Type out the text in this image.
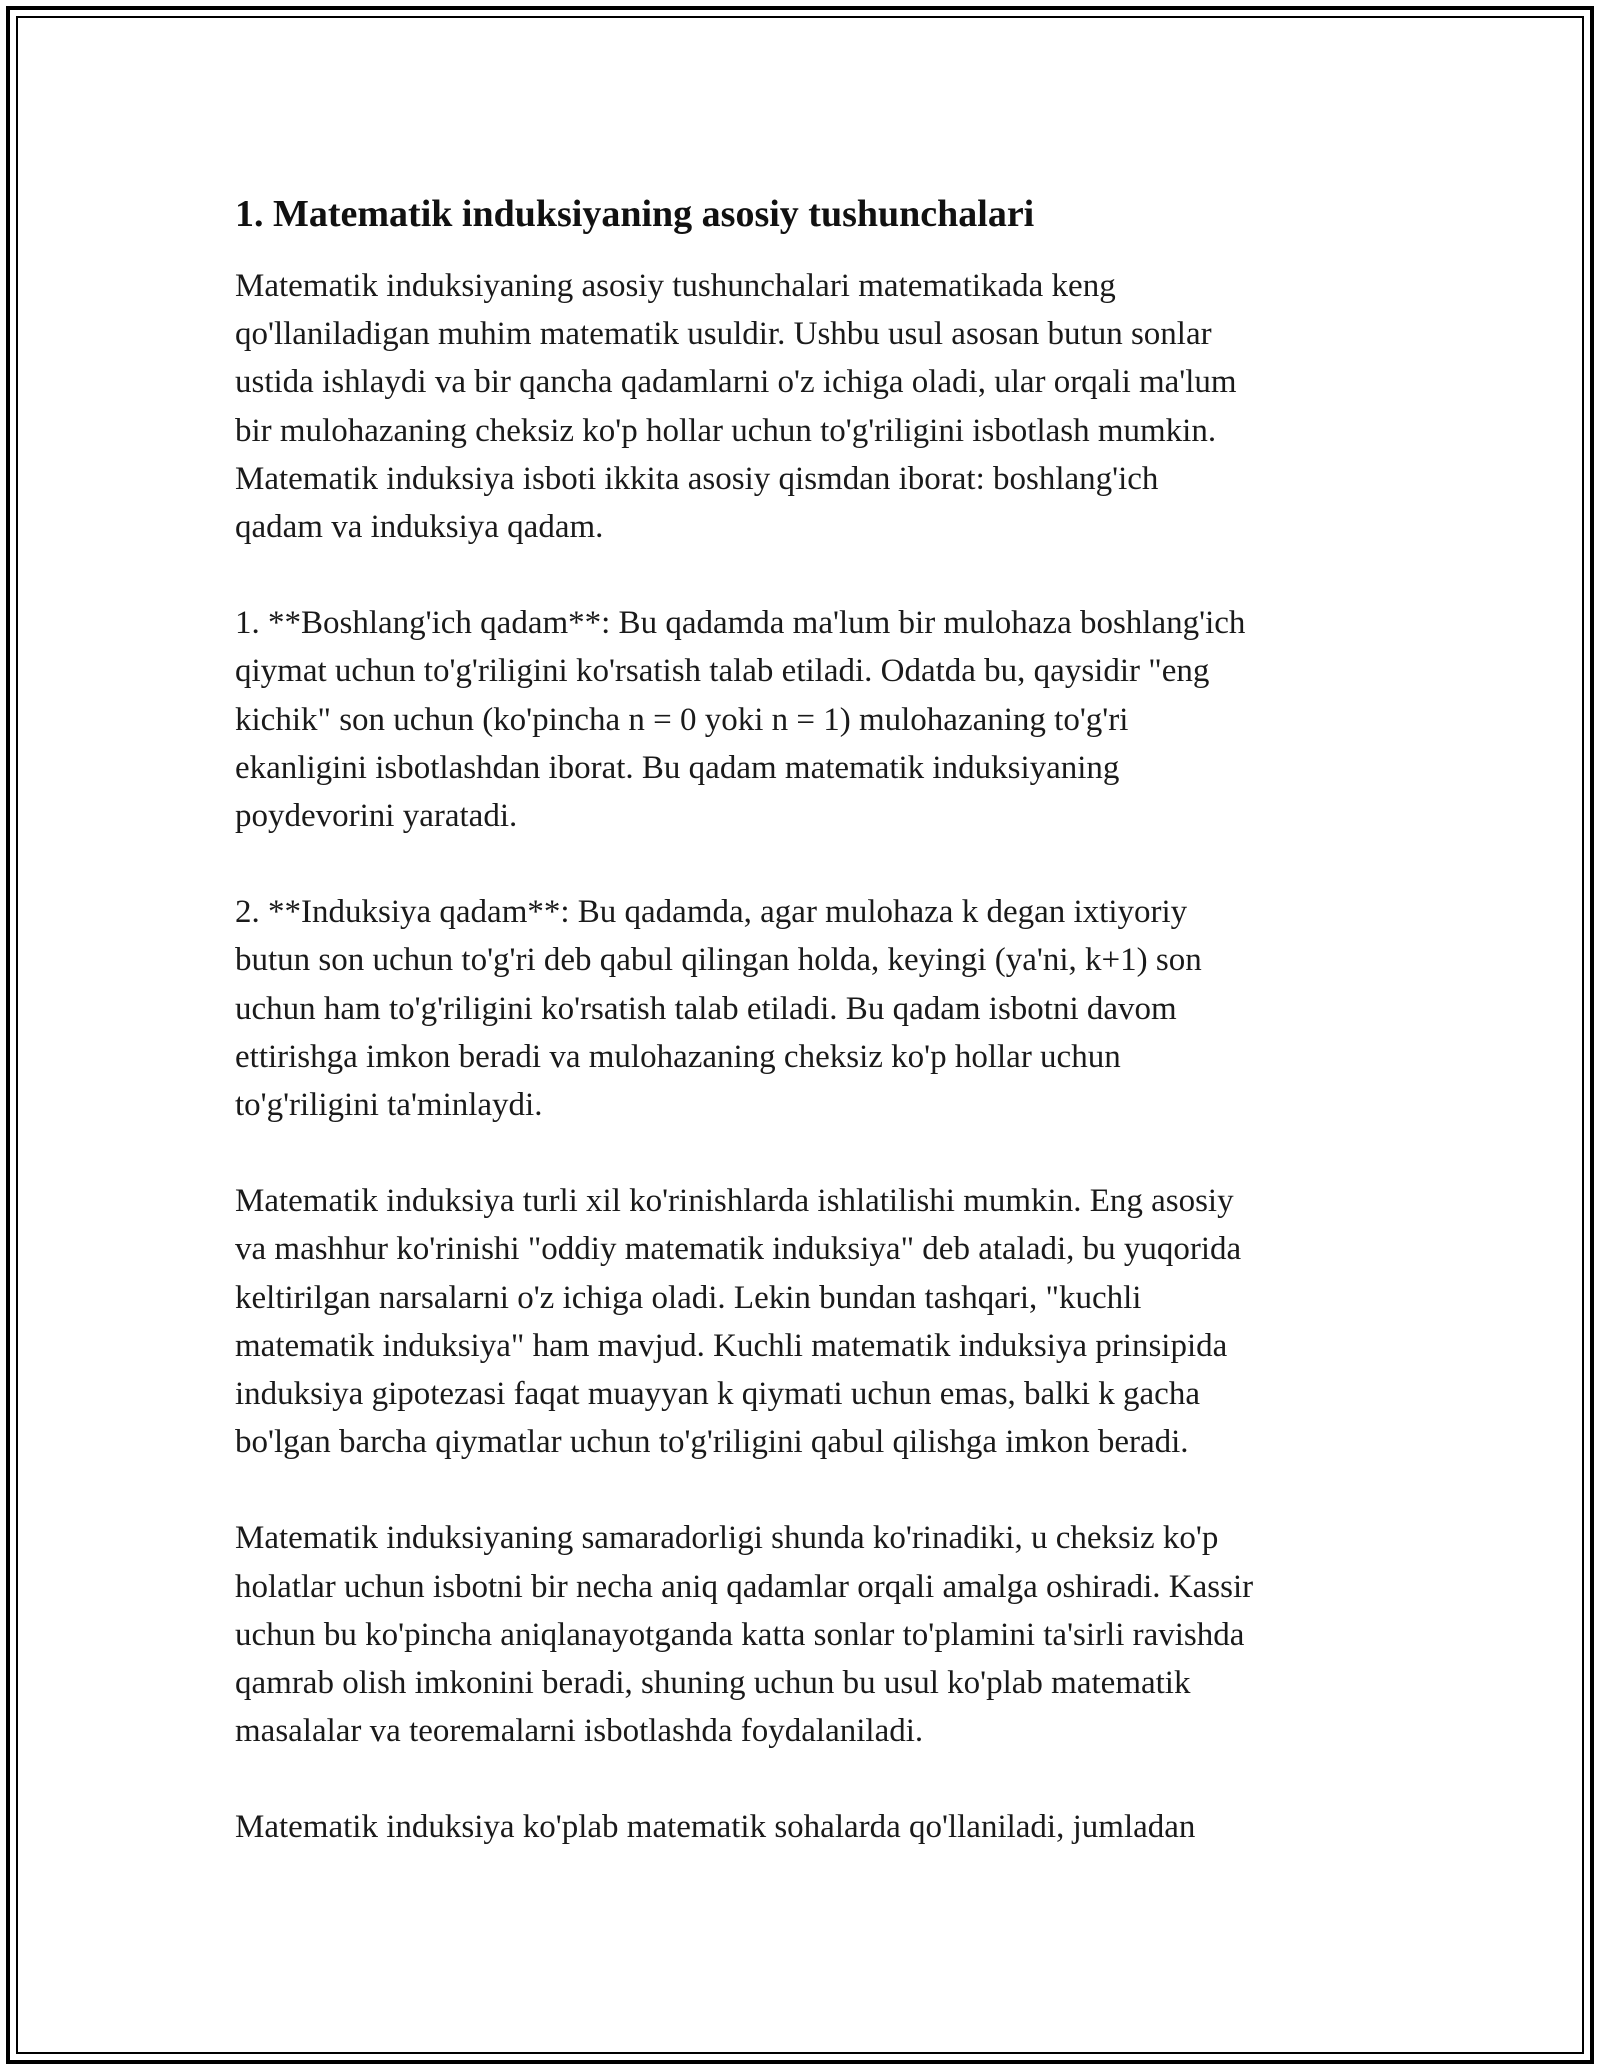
1. Matematik induksiyaning asosiy tushunchalari

Matematik induksiyaning asosiy tushunchalari matematikada keng
qo'llaniladigan muhim matematik usuldir. Ushbu usul asosan butun sonlar
ustida ishlaydi va bir qancha qadamlarni o'z ichiga oladi, ular orqali ma'lum
bir mulohazaning cheksiz ko'p hollar uchun to'g'riligini isbotlash mumkin.
Matematik induksiya isboti ikkita asosiy qismdan iborat: boshlang'ich
qadam va induksiya qadam.

1. **Boshlang'ich qadam**: Bu qadamda ma'lum bir mulohaza boshlang'ich
qiymat uchun to'g'riligini ko'rsatish talab etiladi. Odatda bu, qaysidir "eng
kichik" son uchun (ko'pincha n = 0 yoki n = 1) mulohazaning to'g'ri
ekanligini isbotlashdan iborat. Bu qadam matematik induksiyaning
poydevorini yaratadi.

2. **Induksiya qadam**: Bu qadamda, agar mulohaza k degan ixtiyoriy
butun son uchun to'g'ri deb qabul qilingan holda, keyingi (ya'ni, k+1) son
uchun ham to'g'riligini ko'rsatish talab etiladi. Bu qadam isbotni davom
ettirishga imkon beradi va mulohazaning cheksiz ko'p hollar uchun
to'g'riligini ta'minlaydi.

Matematik induksiya turli xil ko'rinishlarda ishlatilishi mumkin. Eng asosiy
va mashhur ko'rinishi "oddiy matematik induksiya" deb ataladi, bu yuqorida
keltirilgan narsalarni o'z ichiga oladi. Lekin bundan tashqari, "kuchli
matematik induksiya" ham mavjud. Kuchli matematik induksiya prinsipida
induksiya gipotezasi faqat muayyan k qiymati uchun emas, balki k gacha
bo'lgan barcha qiymatlar uchun to'g'riligini qabul qilishga imkon beradi.

Matematik induksiyaning samaradorligi shunda ko'rinadiki, u cheksiz ko'p
holatlar uchun isbotni bir necha aniq qadamlar orqali amalga oshiradi. Kassir
uchun bu ko'pincha aniqlanayotganda katta sonlar to'plamini ta'sirli ravishda
qamrab olish imkonini beradi, shuning uchun bu usul ko'plab matematik
masalalar va teoremalarni isbotlashda foydalaniladi.

Matematik induksiya ko'plab matematik sohalarda qo'llaniladi, jumladan
